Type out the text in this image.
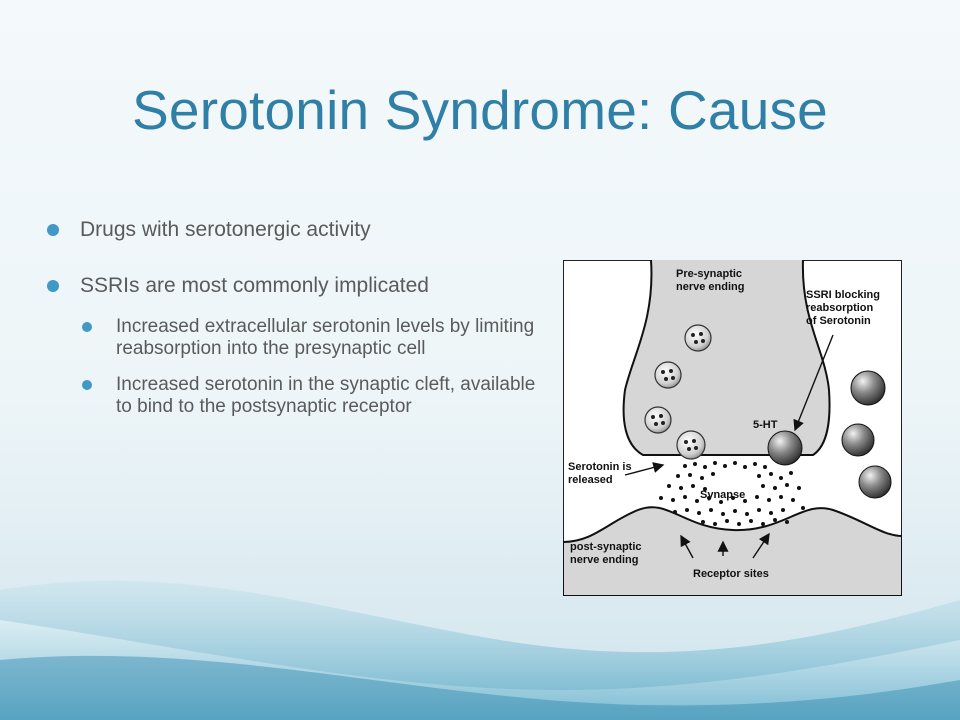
Serotonin Syndrome: Cause
Drugs with serotonergic activity
SSRIs are most commonly implicated
Increased extracellular serotonin levels by limiting reabsorption into the presynaptic cell
Increased serotonin in the synaptic cleft, available to bind to the postsynaptic receptor
Pre-synaptic
nerve ending
SSRI blocking
reabsorption
of Serotonin
5-HT
Serotonin is
released
Synapse
post-synaptic
nerve ending
Receptor sites
